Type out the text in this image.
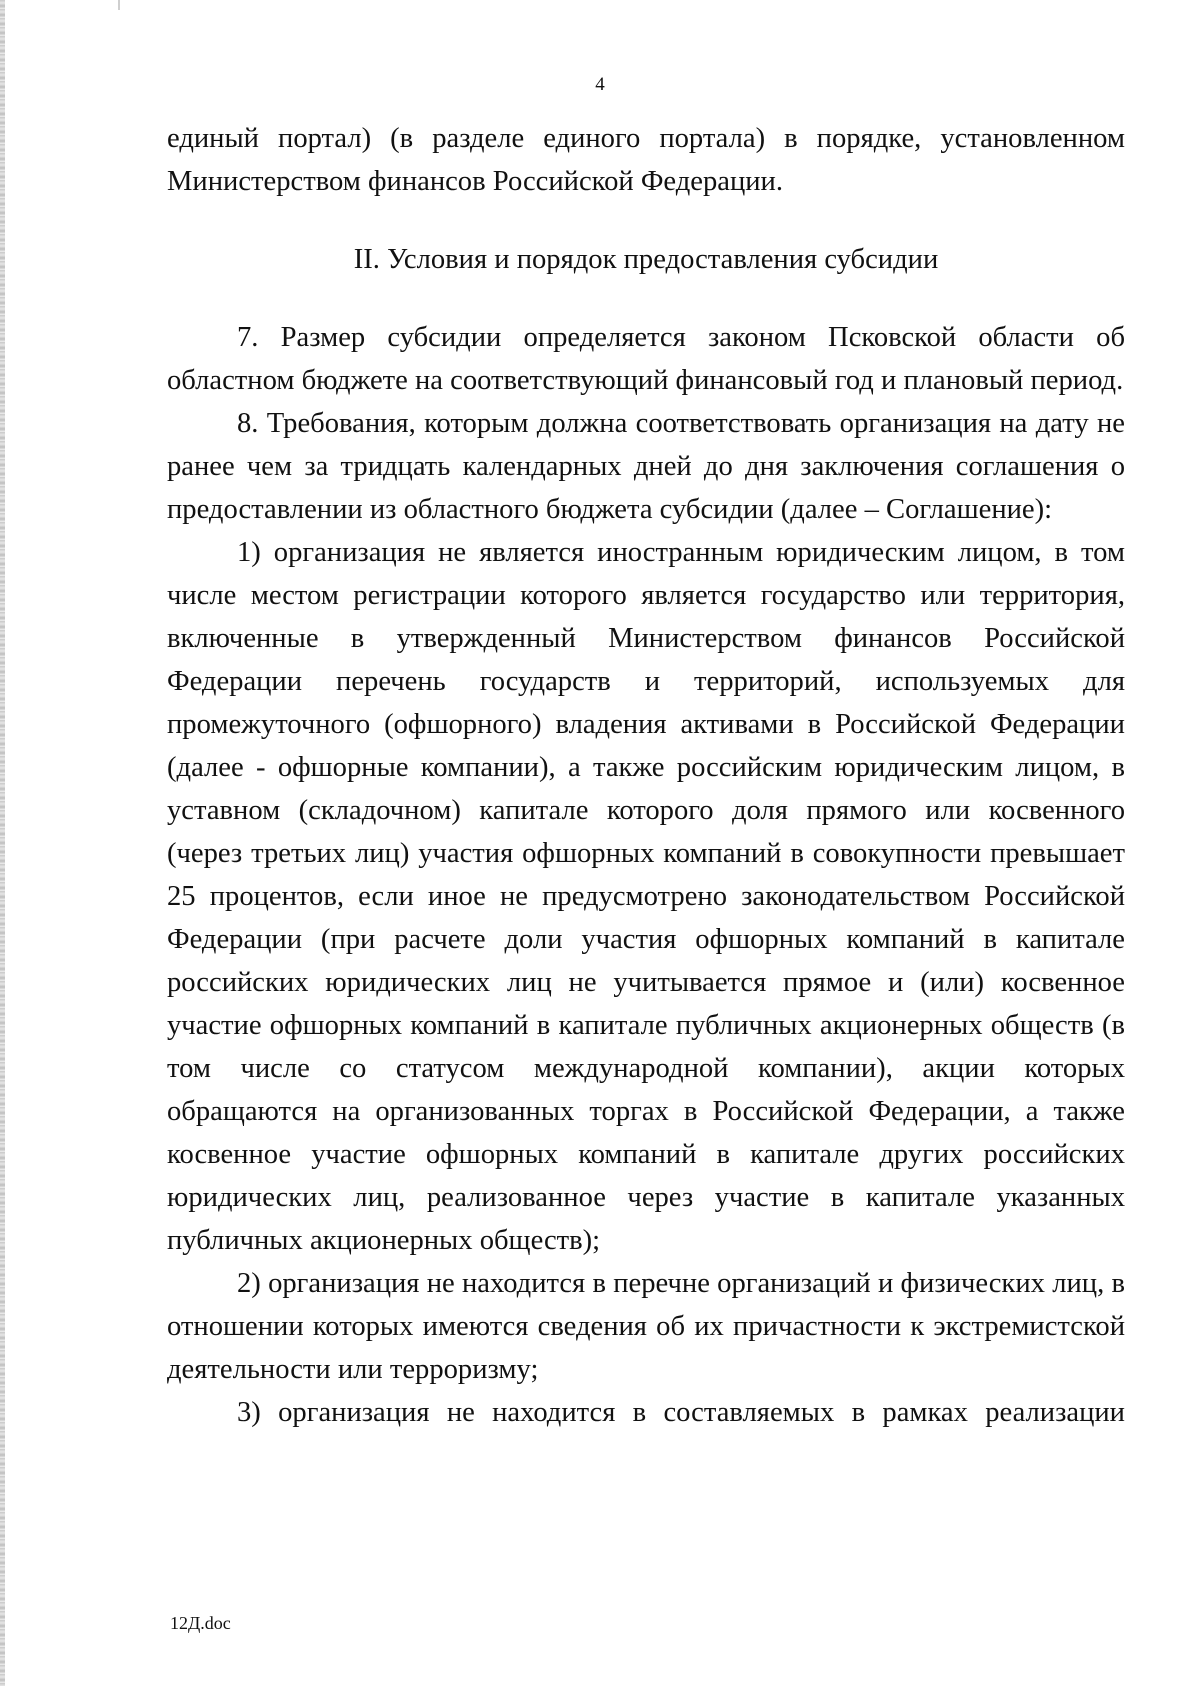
4

единый портал) (в разделе единого портала) в порядке, установленном Министерством финансов Российской Федерации.

II. Условия и порядок предоставления субсидии

7. Размер субсидии определяется законом Псковской области об областном бюджете на соответствующий финансовый год и плановый период.

8. Требования, которым должна соответствовать организация на дату не ранее чем за тридцать календарных дней до дня заключения соглашения о предоставлении из областного бюджета субсидии (далее – Соглашение):

1) организация не является иностранным юридическим лицом, в том числе местом регистрации которого является государство или территория, включенные в утвержденный Министерством финансов Российской Федерации перечень государств и территорий, используемых для промежуточного (офшорного) владения активами в Российской Федерации (далее - офшорные компании), а также российским юридическим лицом, в уставном (складочном) капитале которого доля прямого или косвенного (через третьих лиц) участия офшорных компаний в совокупности превышает 25 процентов, если иное не предусмотрено законодательством Российской Федерации (при расчете доли участия офшорных компаний в капитале российских юридических лиц не учитывается прямое и (или) косвенное участие офшорных компаний в капитале публичных акционерных обществ (в том числе со статусом международной компании), акции которых обращаются на организованных торгах в Российской Федерации, а также косвенное участие офшорных компаний в капитале других российских юридических лиц, реализованное через участие в капитале указанных публичных акционерных обществ);

2) организация не находится в перечне организаций и физических лиц, в отношении которых имеются сведения об их причастности к экстремистской деятельности или терроризму;

3) организация не находится в составляемых в рамках реализации

12Д.doc
